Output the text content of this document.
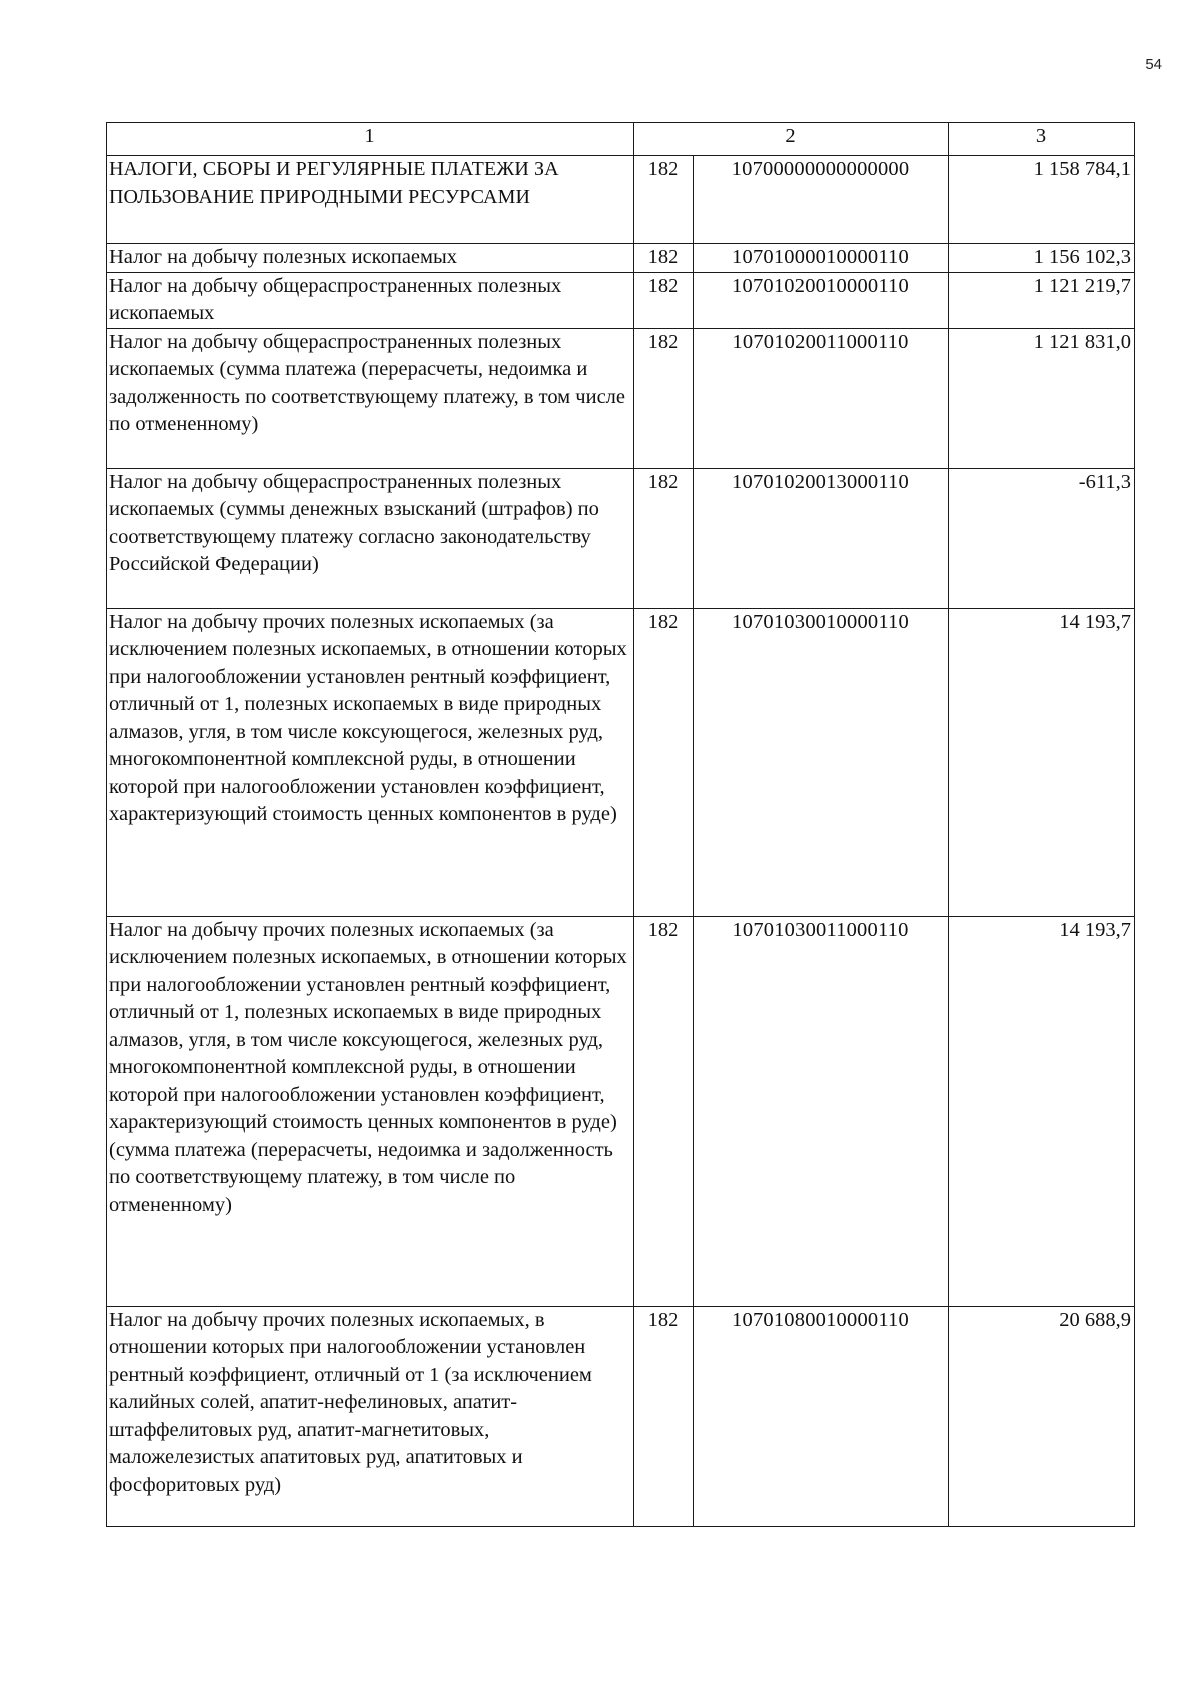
54
1	2		3
НАЛОГИ, СБОРЫ И РЕГУЛЯРНЫЕ ПЛАТЕЖИ ЗА ПОЛЬЗОВАНИЕ ПРИРОДНЫМИ РЕСУРСАМИ	182	10700000000000000	1 158 784,1
Налог на добычу полезных ископаемых	182	10701000010000110	1 156 102,3
Налог на добычу общераспространенных полезных ископаемых	182	10701020010000110	1 121 219,7
Налог на добычу общераспространенных полезных ископаемых (сумма платежа (перерасчеты, недоимка и задолженность по соответствующему платежу, в том числе по отмененному)	182	10701020011000110	1 121 831,0
Налог на добычу общераспространенных полезных ископаемых (суммы денежных взысканий (штрафов) по соответствующему платежу согласно законодательству Российской Федерации)	182	10701020013000110	-611,3
Налог на добычу прочих полезных ископаемых (за исключением полезных ископаемых, в отношении которых при налогообложении установлен рентный коэффициент, отличный от 1, полезных ископаемых в виде природных алмазов, угля, в том числе коксующегося, железных руд, многокомпонентной комплексной руды, в отношении которой при налогообложении установлен коэффициент, характеризующий стоимость ценных компонентов в руде)	182	10701030010000110	14 193,7
Налог на добычу прочих полезных ископаемых (за исключением полезных ископаемых, в отношении которых при налогообложении установлен рентный коэффициент, отличный от 1, полезных ископаемых в виде природных алмазов, угля, в том числе коксующегося, железных руд, многокомпонентной комплексной руды, в отношении которой при налогообложении установлен коэффициент, характеризующий стоимость ценных компонентов в руде) (сумма платежа (перерасчеты, недоимка и задолженность по соответствующему платежу, в том числе по отмененному)	182	10701030011000110	14 193,7
Налог на добычу прочих полезных ископаемых, в отношении которых при налогообложении установлен рентный коэффициент, отличный от 1 (за исключением калийных солей, апатит-нефелиновых, апатит-штаффелитовых руд, апатит-магнетитовых, маложелезистых апатитовых руд, апатитовых и фосфоритовых руд)	182	10701080010000110	20 688,9
